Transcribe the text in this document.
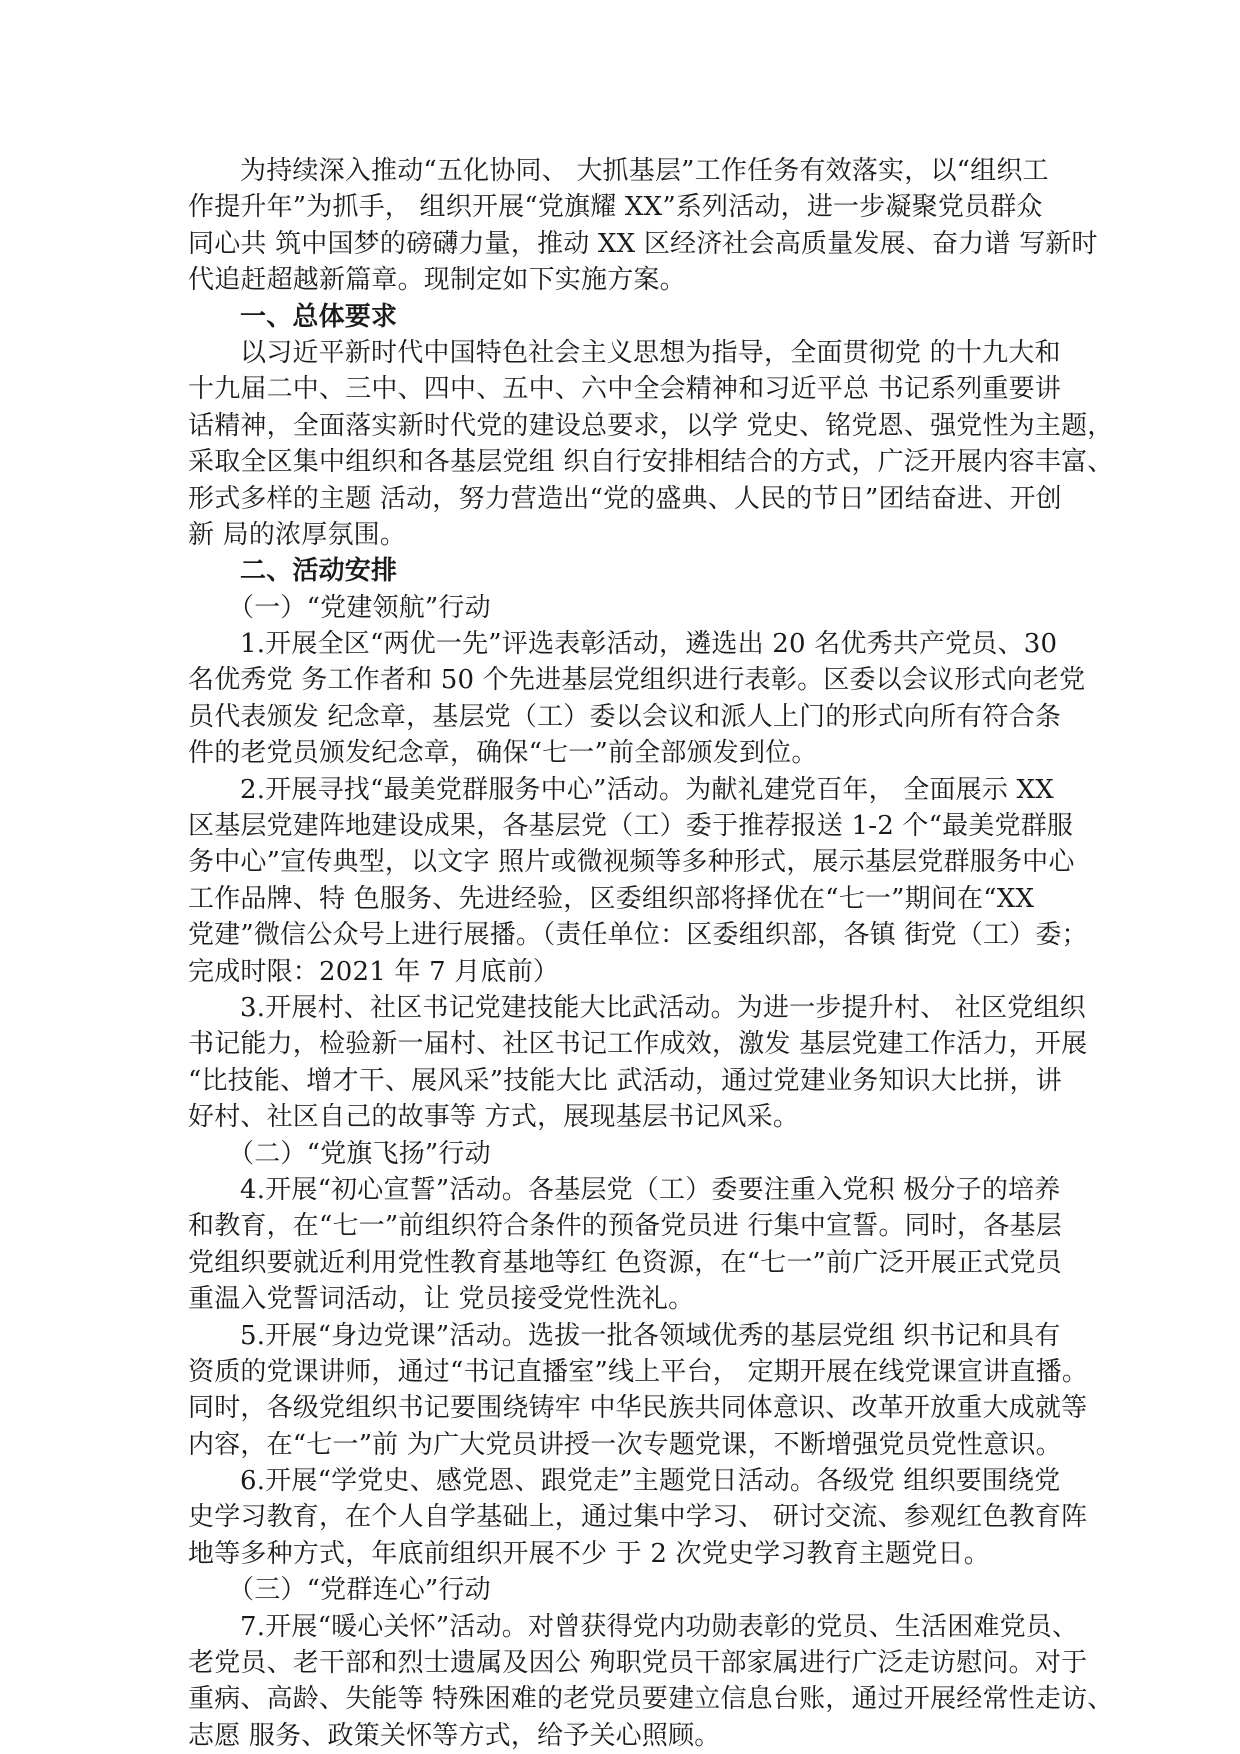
为持续深入推动“五化协同、 大抓基层”工作任务有效落实，以“组织工
作提升年”为抓手， 组织开展“党旗耀 XX”系列活动，进一步凝聚党员群众
同心共 筑中国梦的磅礴力量，推动 XX 区经济社会高质量发展、奋力谱 写新时
代追赶超越新篇章。现制定如下实施方案。
一、总体要求
以习近平新时代中国特色社会主义思想为指导，全面贯彻党 的十九大和
十九届二中、三中、四中、五中、六中全会精神和习近平总 书记系列重要讲
话精神，全面落实新时代党的建设总要求，以学 党史、铭党恩、强党性为主题，
采取全区集中组织和各基层党组 织自行安排相结合的方式，广泛开展内容丰富、
形式多样的主题 活动，努力营造出“党的盛典、人民的节日”团结奋进、开创
新 局的浓厚氛围。
二、活动安排
（一）“党建领航”行动
1.开展全区“两优一先”评选表彰活动，遴选出 20 名优秀共产党员、30
名优秀党 务工作者和 50 个先进基层党组织进行表彰。区委以会议形式向老党
员代表颁发 纪念章，基层党（工）委以会议和派人上门的形式向所有符合条
件的老党员颁发纪念章，确保“七一”前全部颁发到位。
2.开展寻找“最美党群服务中心”活动。为献礼建党百年， 全面展示 XX
区基层党建阵地建设成果，各基层党（工）委于推荐报送 1-2 个“最美党群服
务中心”宣传典型，以文字 照片或微视频等多种形式，展示基层党群服务中心
工作品牌、特 色服务、先进经验，区委组织部将择优在“七一”期间在“XX
党建”微信公众号上进行展播。（责任单位：区委组织部，各镇 街党（工）委；
完成时限：2021 年 7 月底前）
3.开展村、社区书记党建技能大比武活动。为进一步提升村、 社区党组织
书记能力，检验新一届村、社区书记工作成效，激发 基层党建工作活力，开展
“比技能、增才干、展风采”技能大比 武活动，通过党建业务知识大比拼，讲
好村、社区自己的故事等 方式，展现基层书记风采。
（二）“党旗飞扬”行动
4.开展“初心宣誓”活动。各基层党（工）委要注重入党积 极分子的培养
和教育，在“七一”前组织符合条件的预备党员进 行集中宣誓。同时，各基层
党组织要就近利用党性教育基地等红 色资源，在“七一”前广泛开展正式党员
重温入党誓词活动，让 党员接受党性洗礼。
5.开展“身边党课”活动。选拔一批各领域优秀的基层党组 织书记和具有
资质的党课讲师，通过“书记直播室”线上平台， 定期开展在线党课宣讲直播。
同时，各级党组织书记要围绕铸牢 中华民族共同体意识、改革开放重大成就等
内容，在“七一”前 为广大党员讲授一次专题党课，不断增强党员党性意识。
6.开展“学党史、感党恩、跟党走”主题党日活动。各级党 组织要围绕党
史学习教育，在个人自学基础上，通过集中学习、 研讨交流、参观红色教育阵
地等多种方式，年底前组织开展不少 于 2 次党史学习教育主题党日。
（三）“党群连心”行动
7.开展“暖心关怀”活动。对曾获得党内功勋表彰的党员、生活困难党员、
老党员、老干部和烈士遗属及因公 殉职党员干部家属进行广泛走访慰问。对于
重病、高龄、失能等 特殊困难的老党员要建立信息台账，通过开展经常性走访、
志愿 服务、政策关怀等方式，给予关心照顾。
